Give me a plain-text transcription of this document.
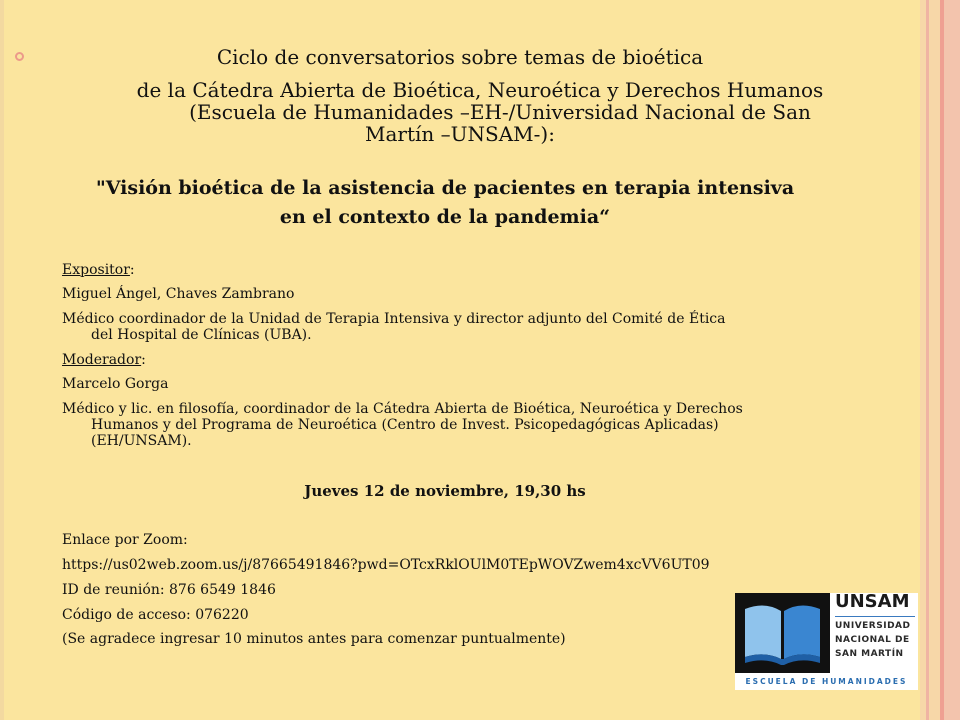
Ciclo de conversatorios sobre temas de bioética
de la Cátedra Abierta de Bioética, Neuroética y Derechos Humanos
(Escuela de Humanidades –EH-/Universidad Nacional de San
Martín –UNSAM-):
"Visión bioética de la asistencia de pacientes en terapia intensiva
en el contexto de la pandemia“
Expositor:
Miguel Ángel, Chaves Zambrano
Médico coordinador de la Unidad de Terapia Intensiva y director adjunto del Comité de Ética
del Hospital de Clínicas (UBA).
Moderador:
Marcelo Gorga
Médico y lic. en filosofía, coordinador de la Cátedra Abierta de Bioética, Neuroética y Derechos
Humanos y del Programa de Neuroética (Centro de Invest. Psicopedagógicas Aplicadas)
(EH/UNSAM).
Jueves 12 de noviembre, 19,30 hs
Enlace por Zoom:
https://us02web.zoom.us/j/87665491846?pwd=OTcxRklOUlM0TEpWOVZwem4xcVV6UT09
ID de reunión: 876 6549 1846
Código de acceso: 076220
(Se agradece ingresar 10 minutos antes para comenzar puntualmente)
UNSAM
UNIVERSIDAD
NACIONAL DE
SAN MARTÍN
ESCUELA DE HUMANIDADES
